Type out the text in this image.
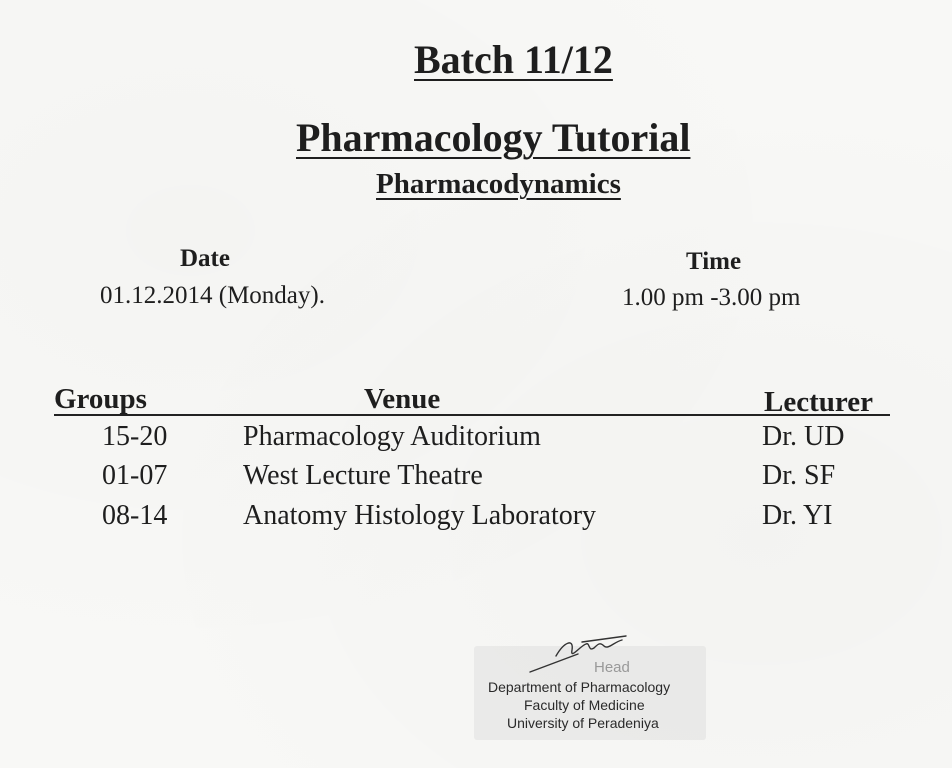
Batch 11/12
Pharmacology Tutorial
Pharmacodynamics
Date
01.12.2014 (Monday).
Time
1.00 pm -3.00 pm
Groups	Venue	Lecturer
15-20	Pharmacology Auditorium	Dr. UD
01-07	West Lecture Theatre	Dr. SF
08-14	Anatomy Histology Laboratory	Dr. YI
Head
Department of Pharmacology
Faculty of Medicine
University of Peradeniya
